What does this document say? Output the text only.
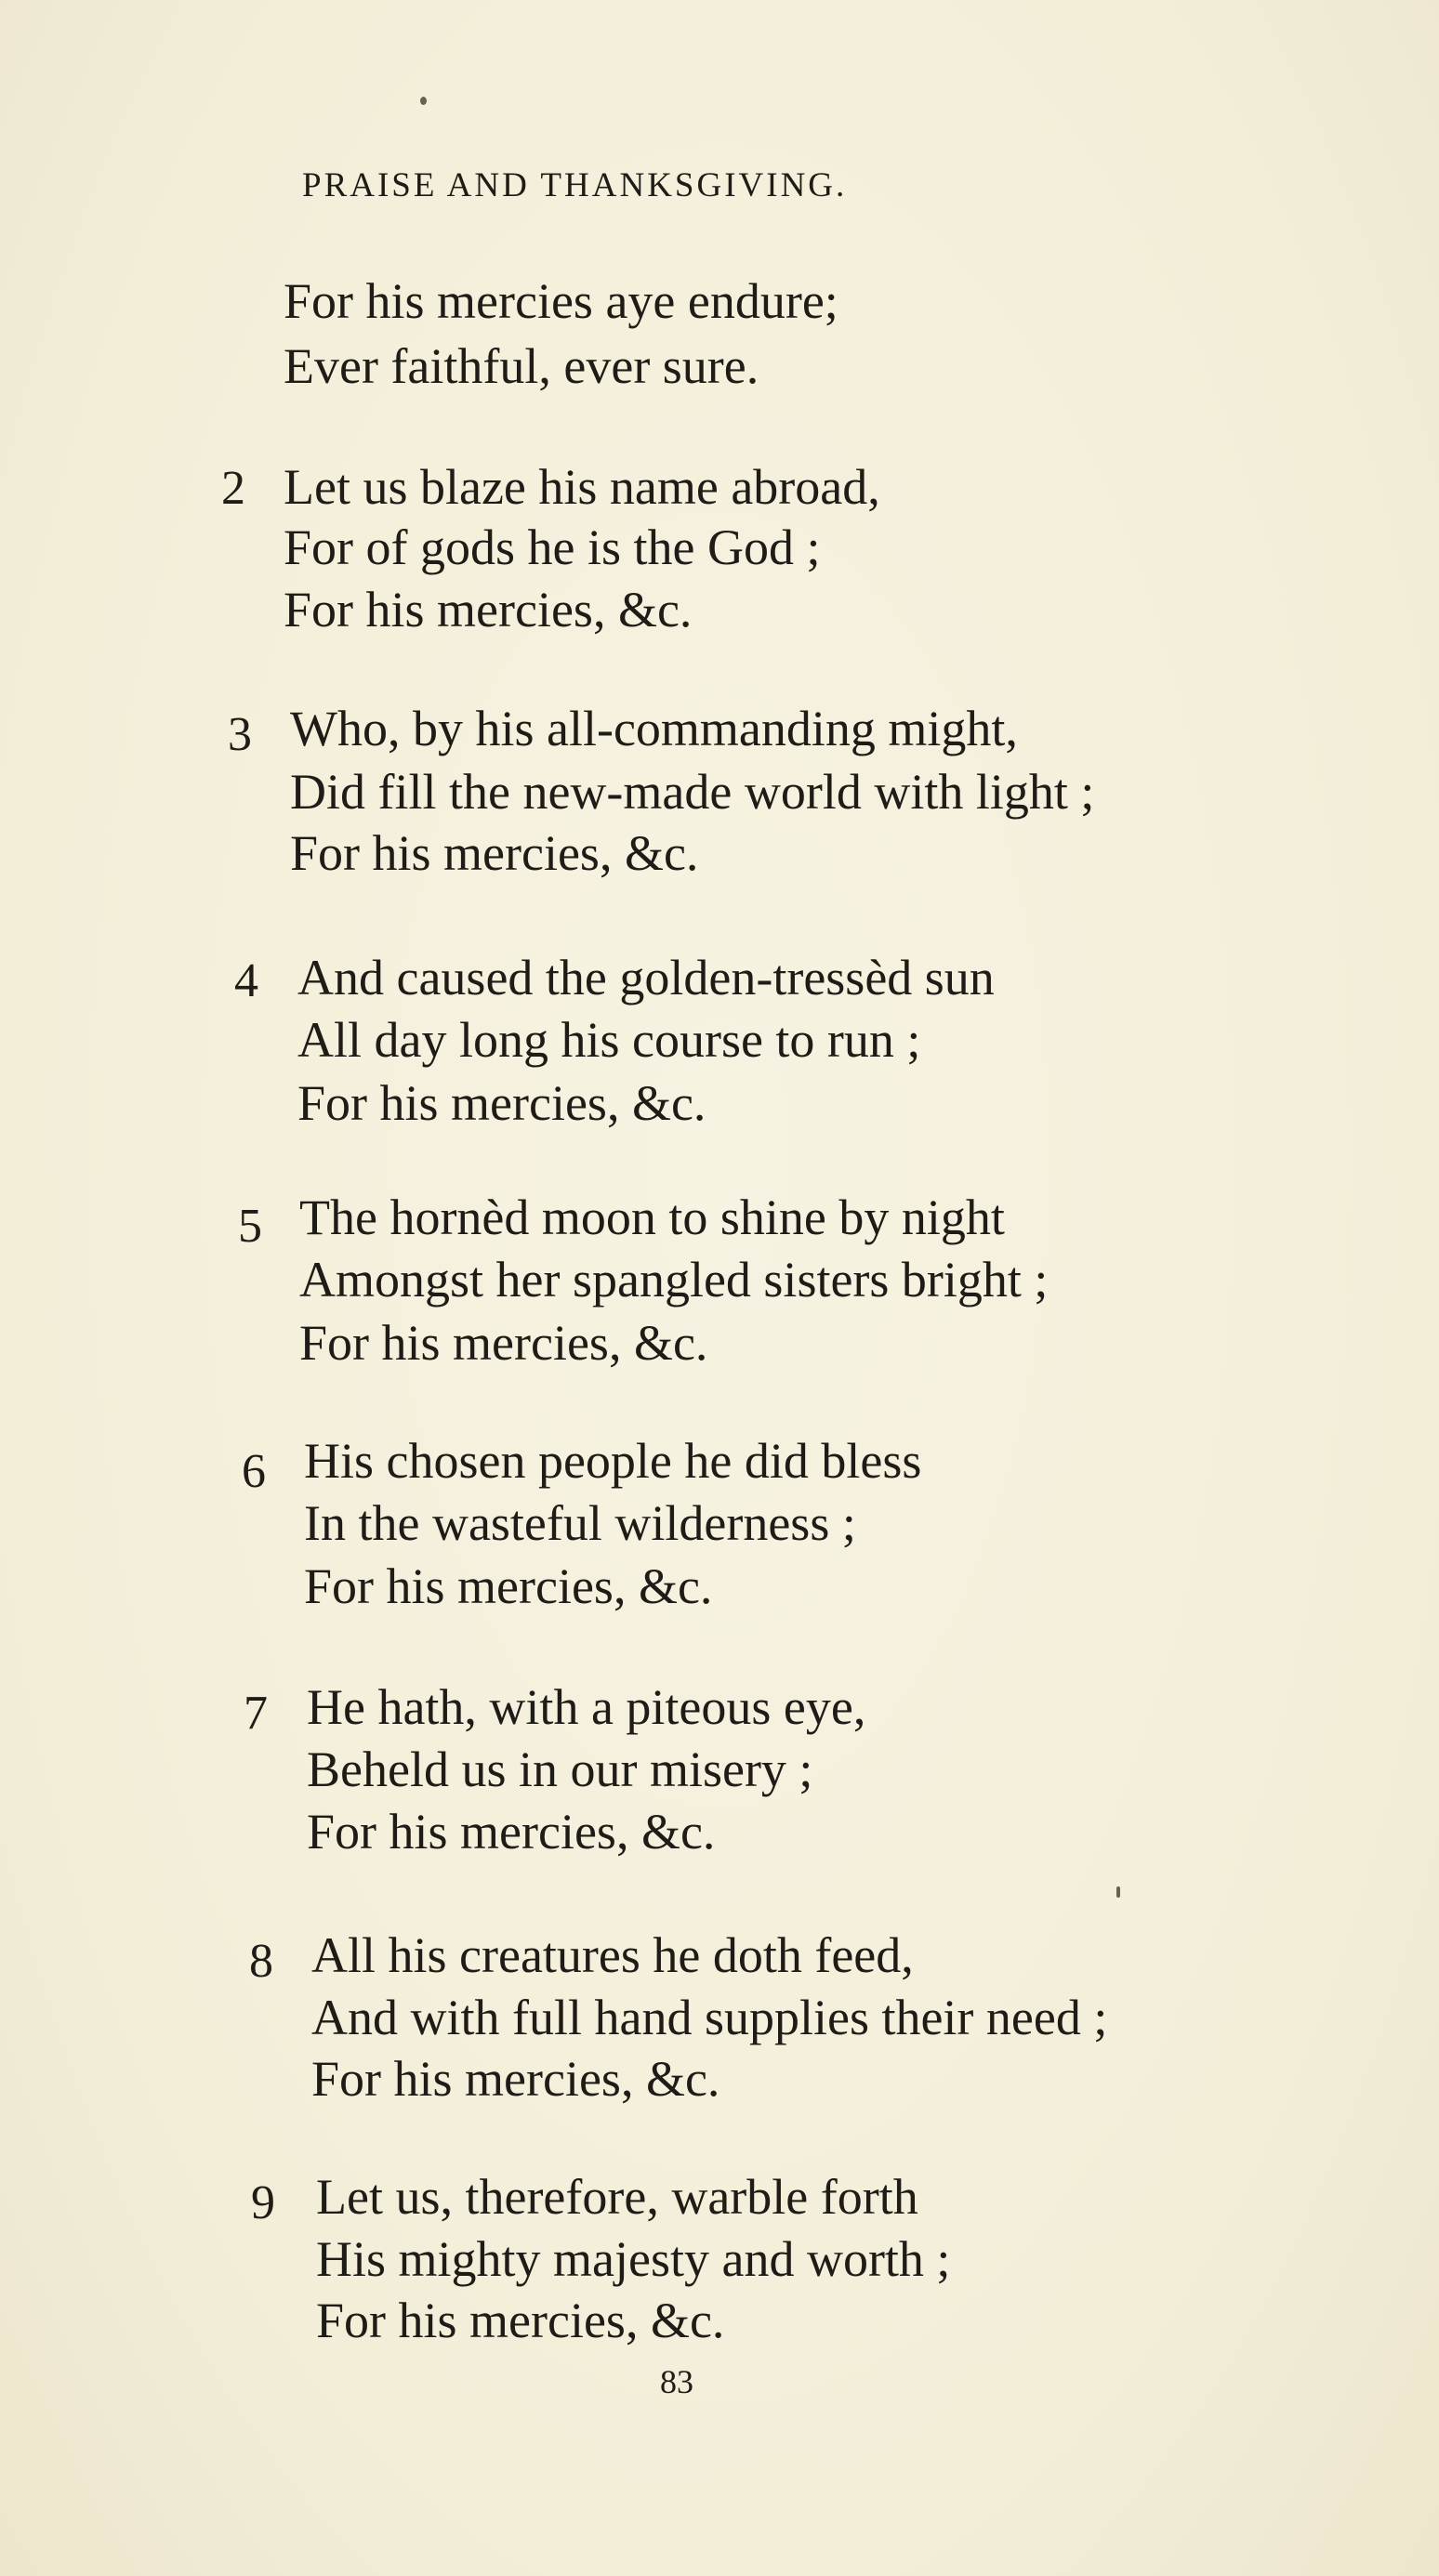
PRAISE AND THANKSGIVING.
For his mercies aye endure;
Ever faithful, ever sure.
2 Let us blaze his name abroad,
For of gods he is the God ;
For his mercies, &c.
3 Who, by his all-commanding might,
Did fill the new-made world with light ;
For his mercies, &c.
4 And caused the golden-tressèd sun
All day long his course to run ;
For his mercies, &c.
5 The hornèd moon to shine by night
Amongst her spangled sisters bright ;
For his mercies, &c.
6 His chosen people he did bless
In the wasteful wilderness ;
For his mercies, &c.
7 He hath, with a piteous eye,
Beheld us in our misery ;
For his mercies, &c.
8 All his creatures he doth feed,
And with full hand supplies their need ;
For his mercies, &c.
9 Let us, therefore, warble forth
His mighty majesty and worth ;
For his mercies, &c.
83
